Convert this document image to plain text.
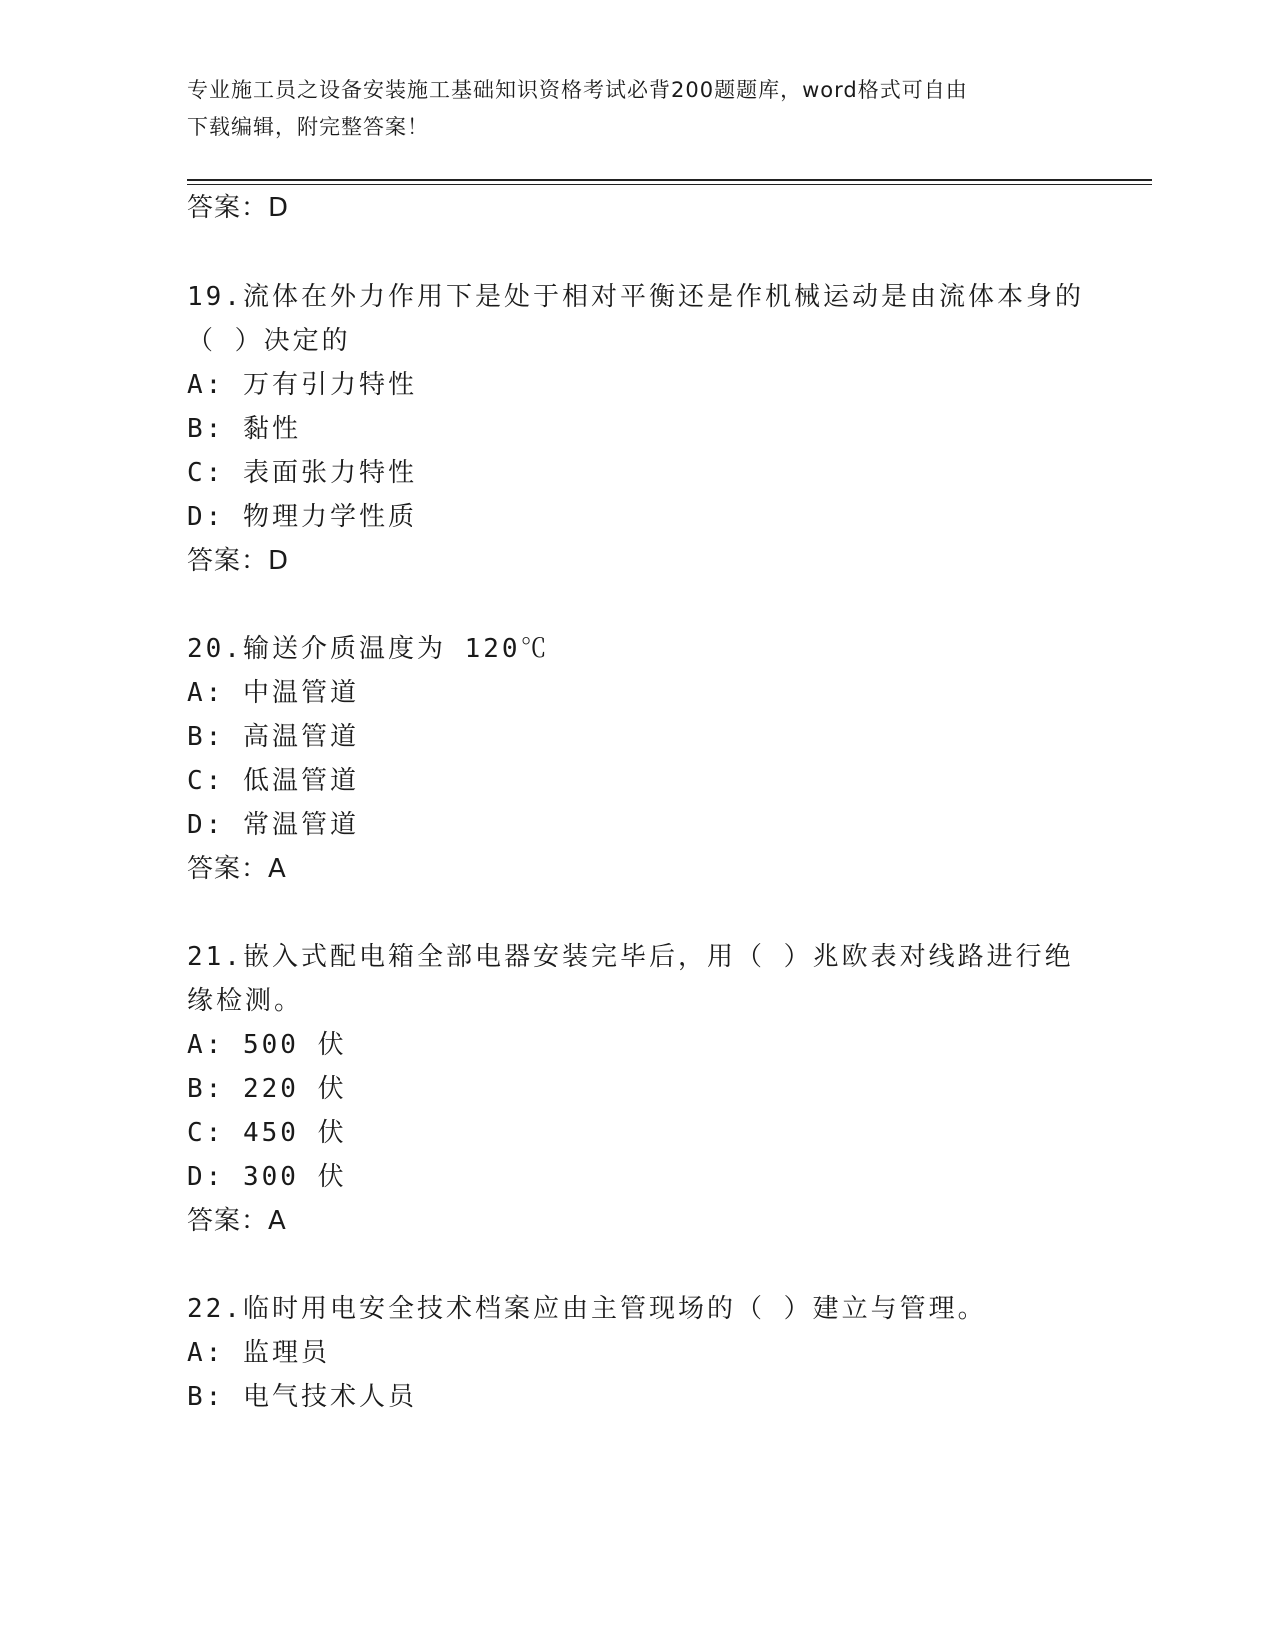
专业施工员之设备安装施工基础知识资格考试必背200题题库，word格式可自由
下载编辑，附完整答案！
答案：D
19.流体在外力作用下是处于相对平衡还是作机械运动是由流体本身的
（ ）决定的
A: 万有引力特性
B: 黏性
C: 表面张力特性
D: 物理力学性质
答案：D
20.输送介质温度为 120℃
A: 中温管道
B: 高温管道
C: 低温管道
D: 常温管道
答案：A
21.嵌入式配电箱全部电器安装完毕后，用（ ）兆欧表对线路进行绝
缘检测。
A: 500 伏
B: 220 伏
C: 450 伏
D: 300 伏
答案：A
22.临时用电安全技术档案应由主管现场的（ ）建立与管理。
A: 监理员
B: 电气技术人员
